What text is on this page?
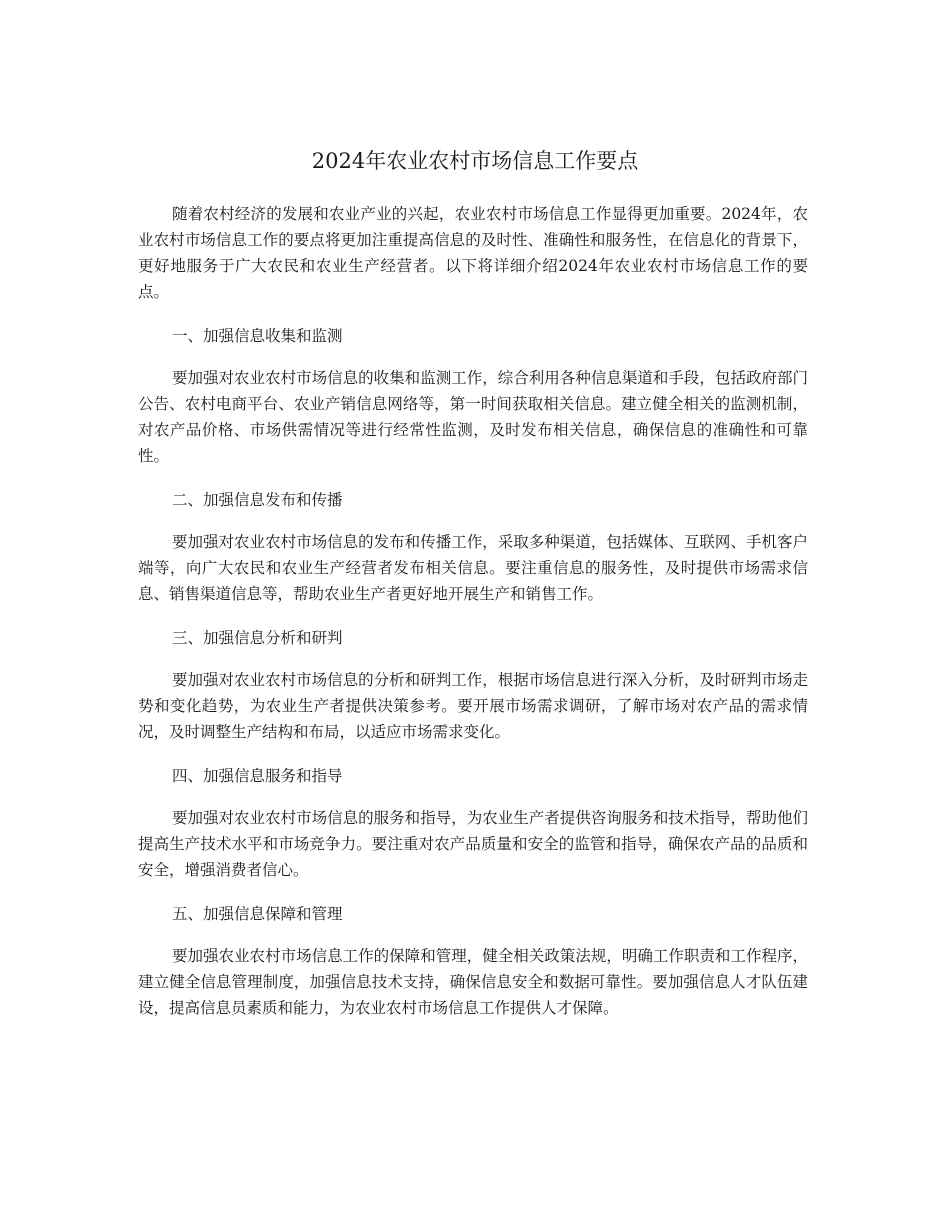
2024年农业农村市场信息工作要点

随着农村经济的发展和农业产业的兴起，农业农村市场信息工作显得更加重要。2024年，农业农村市场信息工作的要点将更加注重提高信息的及时性、准确性和服务性，在信息化的背景下，更好地服务于广大农民和农业生产经营者。以下将详细介绍2024年农业农村市场信息工作的要点。

一、加强信息收集和监测

要加强对农业农村市场信息的收集和监测工作，综合利用各种信息渠道和手段，包括政府部门公告、农村电商平台、农业产销信息网络等，第一时间获取相关信息。建立健全相关的监测机制，对农产品价格、市场供需情况等进行经常性监测，及时发布相关信息，确保信息的准确性和可靠性。

二、加强信息发布和传播

要加强对农业农村市场信息的发布和传播工作，采取多种渠道，包括媒体、互联网、手机客户端等，向广大农民和农业生产经营者发布相关信息。要注重信息的服务性，及时提供市场需求信息、销售渠道信息等，帮助农业生产者更好地开展生产和销售工作。

三、加强信息分析和研判

要加强对农业农村市场信息的分析和研判工作，根据市场信息进行深入分析，及时研判市场走势和变化趋势，为农业生产者提供决策参考。要开展市场需求调研，了解市场对农产品的需求情况，及时调整生产结构和布局，以适应市场需求变化。

四、加强信息服务和指导

要加强对农业农村市场信息的服务和指导，为农业生产者提供咨询服务和技术指导，帮助他们提高生产技术水平和市场竞争力。要注重对农产品质量和安全的监管和指导，确保农产品的品质和安全，增强消费者信心。

五、加强信息保障和管理

要加强农业农村市场信息工作的保障和管理，健全相关政策法规，明确工作职责和工作程序，建立健全信息管理制度，加强信息技术支持，确保信息安全和数据可靠性。要加强信息人才队伍建设，提高信息员素质和能力，为农业农村市场信息工作提供人才保障。
